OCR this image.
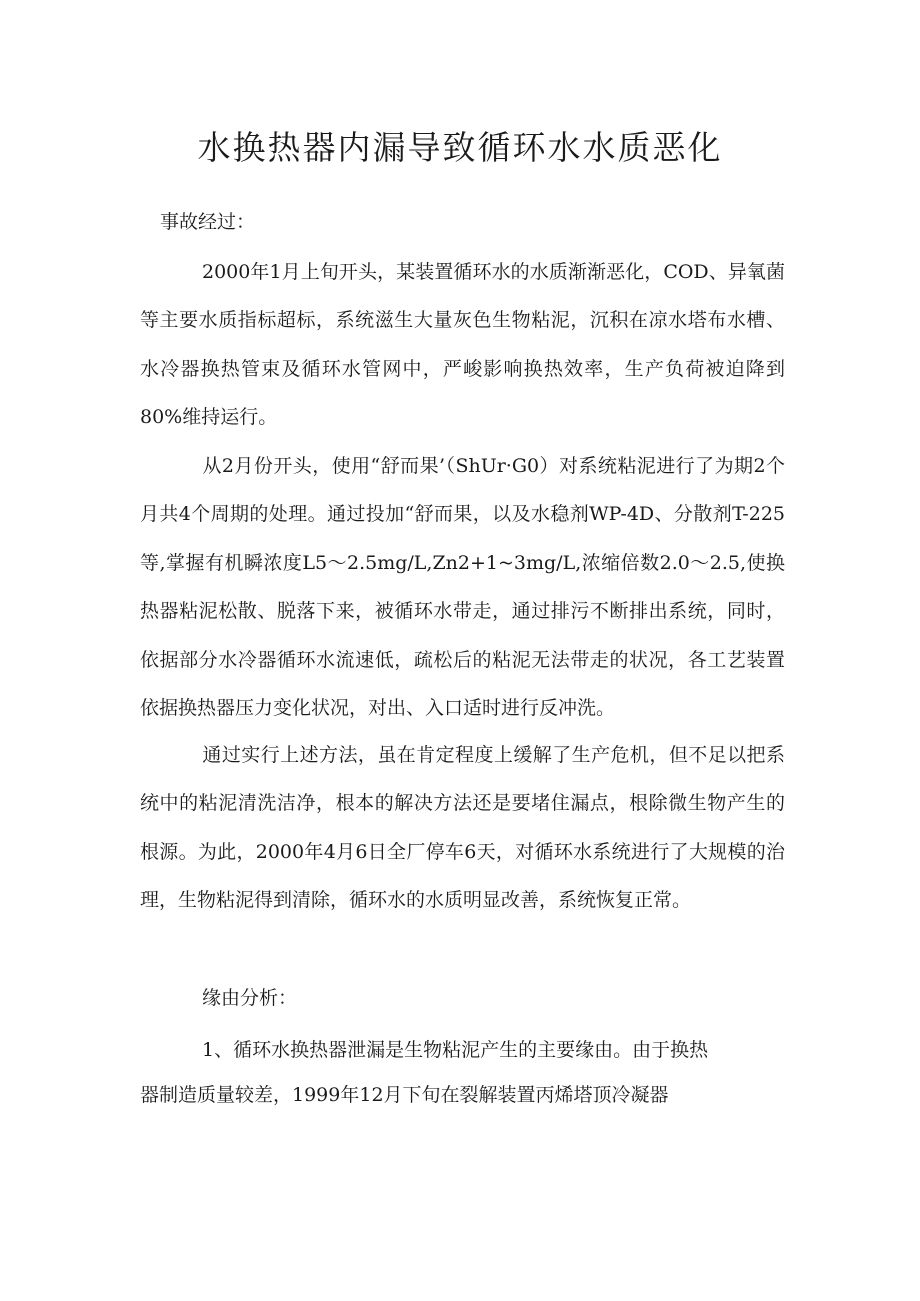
水换热器内漏导致循环水水质恶化
事故经过：

2000年1月上旬开头，某装置循环水的水质渐渐恶化，COD、异氧菌等主要水质指标超标，系统滋生大量灰色生物粘泥，沉积在凉水塔布水槽、水冷器换热管束及循环水管网中，严峻影响换热效率，生产负荷被迫降到80%维持运行。

从2月份开头，使用“舒而果’（ShUr·G0）对系统粘泥进行了为期2个月共4个周期的处理。通过投加“舒而果，以及水稳剂WP-4D、分散剂T-225等,掌握有机瞬浓度L5～2.5mg/L,Zn2+1~3mg/L,浓缩倍数2.0～2.5,使换热器粘泥松散、脱落下来，被循环水带走，通过排污不断排出系统，同时，依据部分水冷器循环水流速低，疏松后的粘泥无法带走的状况，各工艺装置依据换热器压力变化状况，对出、入口适时进行反冲洗。

通过实行上述方法，虽在肯定程度上缓解了生产危机，但不足以把系统中的粘泥清洗洁净，根本的解决方法还是要堵住漏点，根除微生物产生的根源。为此，2000年4月6日全厂停车6天，对循环水系统进行了大规模的治理，生物粘泥得到清除，循环水的水质明显改善，系统恢复正常。

缘由分析：
1、循环水换热器泄漏是生物粘泥产生的主要缘由。由于换热
器制造质量较差，1999年12月下旬在裂解装置丙烯塔顶冷凝器
